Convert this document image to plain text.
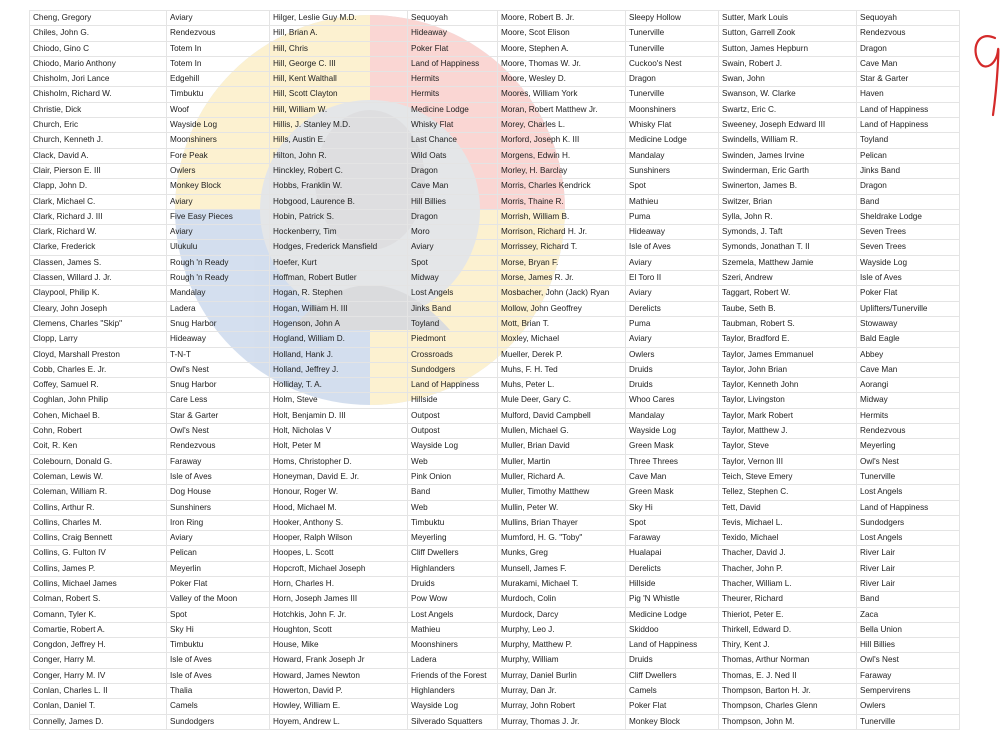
Cheng, Gregory	Aviary	Hilger, Leslie Guy M.D.	Sequoyah	Moore, Robert B. Jr.	Sleepy Hollow	Sutter, Mark Louis	Sequoyah
Chiles, John G.	Rendezvous	Hill, Brian A.	Hideaway	Moore, Scot Elison	Tunerville	Sutton, Garrell Zook	Rendezvous
Chiodo, Gino C	Totem In	Hill, Chris	Poker Flat	Moore, Stephen A.	Tunerville	Sutton, James Hepburn	Dragon
Chiodo, Mario Anthony	Totem In	Hill, George C. III	Land of Happiness	Moore, Thomas W. Jr.	Cuckoo's Nest	Swain, Robert J.	Cave Man
Chisholm, Jori Lance	Edgehill	Hill, Kent Walthall	Hermits	Moore, Wesley D.	Dragon	Swan, John	Star & Garter
Chisholm, Richard W.	Timbuktu	Hill, Scott Clayton	Hermits	Moores, William York	Tunerville	Swanson, W. Clarke	Haven
Christie, Dick	Woof	Hill, William W.	Medicine Lodge	Moran, Robert Matthew Jr.	Moonshiners	Swartz, Eric C.	Land of Happiness
Church, Eric	Wayside Log	Hillis, J. Stanley M.D.	Whisky Flat	Morey, Charles L.	Whisky Flat	Sweeney, Joseph Edward III	Land of Happiness
Church, Kenneth J.	Moonshiners	Hills, Austin E.	Last Chance	Morford, Joseph K. III	Medicine Lodge	Swindells, William R.	Toyland
Clack, David A.	Fore Peak	Hilton, John R.	Wild Oats	Morgens, Edwin H.	Mandalay	Swinden, James Irvine	Pelican
Clair, Pierson E. III	Owlers	Hinckley, Robert C.	Dragon	Morley, H. Barclay	Sunshiners	Swinderman, Eric Garth	Jinks Band
Clapp, John D.	Monkey Block	Hobbs, Franklin W.	Cave Man	Morris, Charles Kendrick	Spot	Swinerton, James B.	Dragon
Clark, Michael C.	Aviary	Hobgood, Laurence B.	Hill Billies	Morris, Thaine R.	Mathieu	Switzer, Brian	Band
Clark, Richard J. III	Five Easy Pieces	Hobin, Patrick S.	Dragon	Morrish, William B.	Puma	Sylla, John R.	Sheldrake Lodge
Clark, Richard W.	Aviary	Hockenberry, Tim	Moro	Morrison, Richard H. Jr.	Hideaway	Symonds, J. Taft	Seven Trees
Clarke, Frederick	Ulukulu	Hodges, Frederick Mansfield	Aviary	Morrissey, Richard T.	Isle of Aves	Symonds, Jonathan T. II	Seven Trees
Classen, James S.	Rough 'n Ready	Hoefer, Kurt	Spot	Morse, Bryan F.	Aviary	Szemela, Matthew Jamie	Wayside Log
Classen, Willard J. Jr.	Rough 'n Ready	Hoffman, Robert Butler	Midway	Morse, James R. Jr.	El Toro II	Szeri, Andrew	Isle of Aves
Claypool, Philip K.	Mandalay	Hogan, R. Stephen	Lost Angels	Mosbacher, John (Jack) Ryan	Aviary	Taggart, Robert W.	Poker Flat
Cleary, John Joseph	Ladera	Hogan, William H. III	Jinks Band	Mollow, John Geoffrey	Derelicts	Taube, Seth B.	Uplifters/Tunerville
Clemens, Charles "Skip"	Snug Harbor	Hogenson, John A	Toyland	Mott, Brian T.	Puma	Taubman, Robert S.	Stowaway
Clopp, Larry	Hideaway	Hogland, William D.	Piedmont	Moxley, Michael	Aviary	Taylor, Bradford E.	Bald Eagle
Cloyd, Marshall Preston	T-N-T	Holland, Hank J.	Crossroads	Mueller, Derek P.	Owlers	Taylor, James Emmanuel	Abbey
Cobb, Charles E. Jr.	Owl's Nest	Holland, Jeffrey J.	Sundodgers	Muhs, F. H. Ted	Druids	Taylor, John Brian	Cave Man
Coffey, Samuel R.	Snug Harbor	Holliday, T. A.	Land of Happiness	Muhs, Peter L.	Druids	Taylor, Kenneth John	Aorangi
Coghlan, John Philip	Care Less	Holm, Steve	Hillside	Mule Deer, Gary C.	Whoo Cares	Taylor, Livingston	Midway
Cohen, Michael B.	Star & Garter	Holt, Benjamin D. III	Outpost	Mulford, David Campbell	Mandalay	Taylor, Mark Robert	Hermits
Cohn, Robert	Owl's Nest	Holt, Nicholas V	Outpost	Mullen, Michael G.	Wayside Log	Taylor, Matthew J.	Rendezvous
Coit, R. Ken	Rendezvous	Holt, Peter M	Wayside Log	Muller, Brian David	Green Mask	Taylor, Steve	Meyerling
Colebourn, Donald G.	Faraway	Homs, Christopher D.	Web	Muller, Martin	Three Threes	Taylor, Vernon III	Owl's Nest
Coleman, Lewis W.	Isle of Aves	Honeyman, David E. Jr.	Pink Onion	Muller, Richard A.	Cave Man	Teich, Steve Emery	Tunerville
Coleman, William R.	Dog House	Honour, Roger W.	Band	Muller, Timothy Matthew	Green Mask	Tellez, Stephen C.	Lost Angels
Collins, Arthur R.	Sunshiners	Hood, Michael M.	Web	Mullin, Peter W.	Sky Hi	Tett, David	Land of Happiness
Collins, Charles M.	Iron Ring	Hooker, Anthony S.	Timbuktu	Mullins, Brian Thayer	Spot	Tevis, Michael L.	Sundodgers
Collins, Craig Bennett	Aviary	Hooper, Ralph Wilson	Meyerling	Mumford, H. G. "Toby"	Faraway	Texido, Michael	Lost Angels
Collins, G. Fulton IV	Pelican	Hoopes, L. Scott	Cliff Dwellers	Munks, Greg	Hualapai	Thacher, David J.	River Lair
Collins, James P.	Meyerlin	Hopcroft, Michael Joseph	Highlanders	Munsell, James F.	Derelicts	Thacher, John P.	River Lair
Collins, Michael James	Poker Flat	Horn, Charles H.	Druids	Murakami, Michael T.	Hillside	Thacher, William L.	River Lair
Colman, Robert S.	Valley of the Moon	Horn, Joseph James III	Pow Wow	Murdoch, Colin	Pig 'N Whistle	Theurer, Richard	Band
Comann, Tyler K.	Spot	Hotchkis, John F. Jr.	Lost Angels	Murdock, Darcy	Medicine Lodge	Thieriot, Peter E.	Zaca
Comartie, Robert A.	Sky Hi	Houghton, Scott	Mathieu	Murphy, Leo J.	Skiddoo	Thirkell, Edward D.	Bella Union
Congdon, Jeffrey H.	Timbuktu	House, Mike	Moonshiners	Murphy, Matthew P.	Land of Happiness	Thiry, Kent J.	Hill Billies
Conger, Harry M.	Isle of Aves	Howard, Frank Joseph Jr	Ladera	Murphy, William	Druids	Thomas, Arthur Norman	Owl's Nest
Conger, Harry M. IV	Isle of Aves	Howard, James Newton	Friends of the Forest	Murray, Daniel Burlin	Cliff Dwellers	Thomas, E. J. Ned II	Faraway
Conlan, Charles L. II	Thalia	Howerton, David P.	Highlanders	Murray, Dan Jr.	Camels	Thompson, Barton H. Jr.	Sempervirens
Conlan, Daniel T.	Camels	Howley, William E.	Wayside Log	Murray, John Robert	Poker Flat	Thompson, Charles Glenn	Owlers
Connelly, James D.	Sundodgers	Hoyem, Andrew L.	Silverado Squatters	Murray, Thomas J. Jr.	Monkey Block	Thompson, John M.	Tunerville
